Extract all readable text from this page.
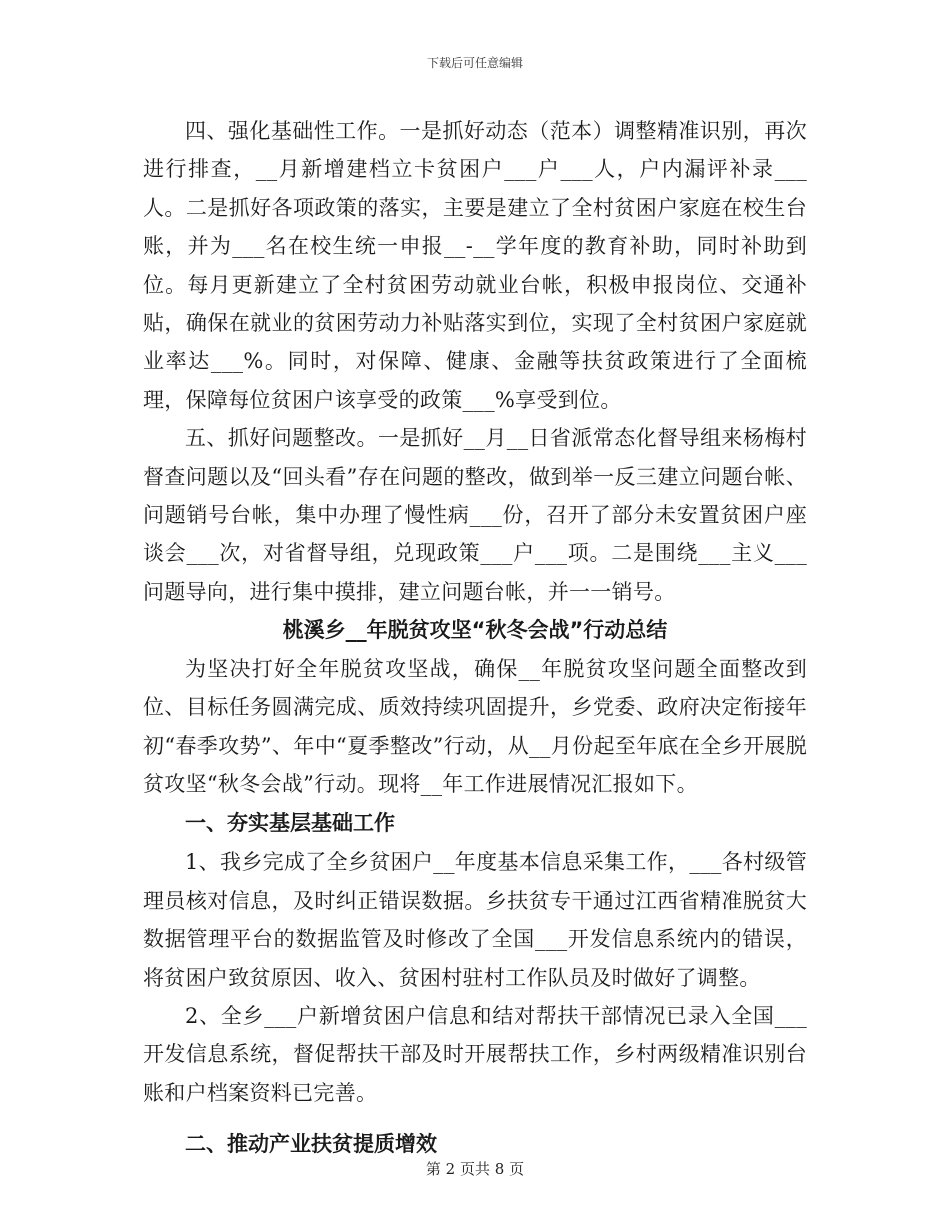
下载后可任意编辑

四、强化基础性工作。一是抓好动态（范本）调整精准识别，再次进行排查，__月新增建档立卡贫困户___户___人，户内漏评补录___人。二是抓好各项政策的落实，主要是建立了全村贫困户家庭在校生台账，并为___名在校生统一申报__-__学年度的教育补助，同时补助到位。每月更新建立了全村贫困劳动就业台帐，积极申报岗位、交通补贴，确保在就业的贫困劳动力补贴落实到位，实现了全村贫困户家庭就业率达___%。同时，对保障、健康、金融等扶贫政策进行了全面梳理，保障每位贫困户该享受的政策___%享受到位。

五、抓好问题整改。一是抓好__月__日省派常态化督导组来杨梅村督查问题以及“回头看”存在问题的整改，做到举一反三建立问题台帐、问题销号台帐，集中办理了慢性病___份，召开了部分未安置贫困户座谈会___次，对省督导组，兑现政策___户___项。二是围绕___主义___问题导向，进行集中摸排，建立问题台帐，并一一销号。

桃溪乡__年脱贫攻坚“秋冬会战”行动总结

为坚决打好全年脱贫攻坚战，确保__年脱贫攻坚问题全面整改到位、目标任务圆满完成、质效持续巩固提升，乡党委、政府决定衔接年初“春季攻势”、年中“夏季整改”行动，从__月份起至年底在全乡开展脱贫攻坚“秋冬会战”行动。现将__年工作进展情况汇报如下。

一、夯实基层基础工作

1、我乡完成了全乡贫困户__年度基本信息采集工作，___各村级管理员核对信息，及时纠正错误数据。乡扶贫专干通过江西省精准脱贫大数据管理平台的数据监管及时修改了全国___开发信息系统内的错误，将贫困户致贫原因、收入、贫困村驻村工作队员及时做好了调整。

2、全乡___户新增贫困户信息和结对帮扶干部情况已录入全国___开发信息系统，督促帮扶干部及时开展帮扶工作，乡村两级精准识别台账和户档案资料已完善。

二、推动产业扶贫提质增效

第 2 页共 8 页
